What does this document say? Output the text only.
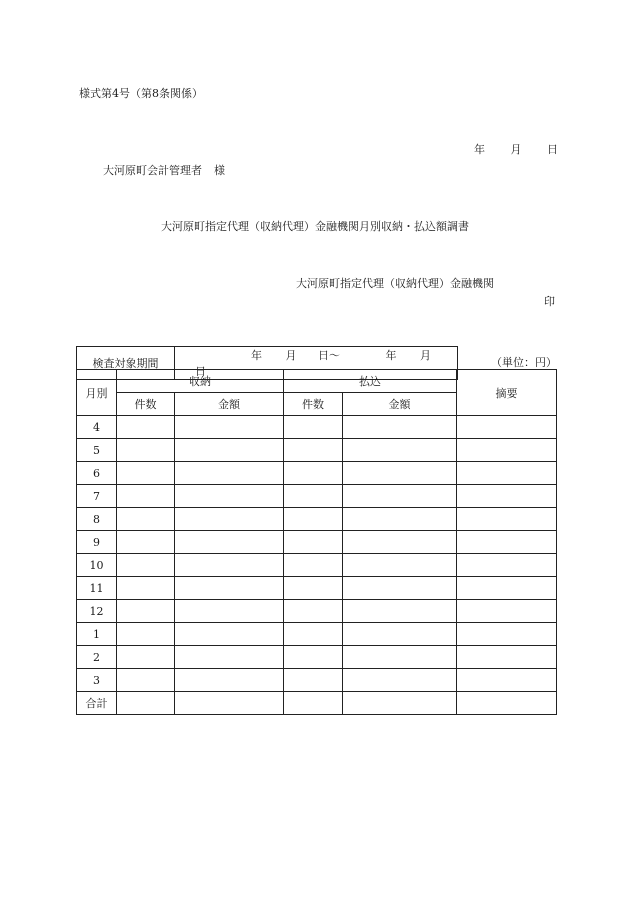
様式第4号（第8条関係）
年 月 日
大河原町会計管理者 様
大河原町指定代理（収納代理）金融機関月別収納・払込額調書
大河原町指定代理（収納代理）金融機関
印
（単位：円）
検査対象期間	年 月 日～	年 月 日
月別	収納		払込		摘要
	件数	金額	件数	金額	
4					
5					
6					
7					
8					
9					
10					
11					
12					
1					
2					
3					
合計					
